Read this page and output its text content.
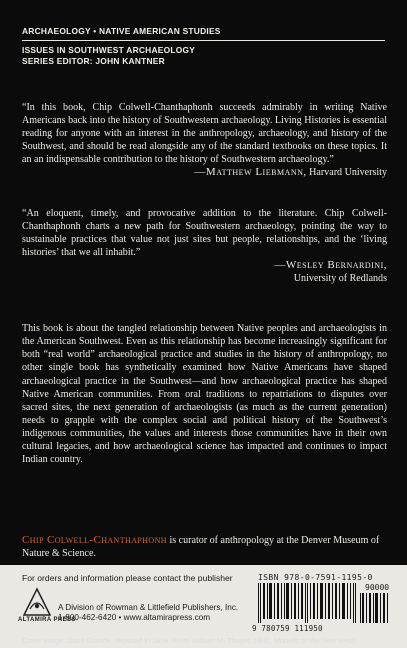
ARCHAEOLOGY • NATIVE AMERICAN STUDIES
ISSUES IN SOUTHWEST ARCHAEOLOGY
SERIES EDITOR: JOHN KANTNER

“In this book, Chip Colwell-Chanthaphonh succeeds admirably in writing Native Americans back into the history of Southwestern archaeology. Living Histories is essential reading for anyone with an interest in the anthropology, archaeology, and history of the Southwest, and should be read alongside any of the standard textbooks on these topics. It an an indispensable contribution to the history of Southwestern archaeology.”

—Matthew Liebmann, Harvard University

“An eloquent, timely, and provocative addition to the literature. Chip Colwell-Chanthaphonh charts a new path for Southwestern archaeology, pointing the way to sustainable practices that value not just sites but people, relationships, and the ‘living histories’ that we all inhabit.”

—Wesley Bernardini,
University of Redlands

This book is about the tangled relationship between Native peoples and archaeologists in the American Southwest. Even as this relationship has become increasingly significant for both “real world” archaeological practice and studies in the history of anthropology, no other single book has synthetically examined how Native Americans have shaped archaeological practice in the Southwest—and how archaeological practice has shaped Native American communities. From oral traditions to repatriations to disputes over sacred sites, the next generation of archaeologists (as much as the current generation) needs to grapple with the complex social and political history of the Southwest’s indigenous communities, the values and interests those communities have in their own cultural legacies, and how archaeological science has impacted and continues to impact Indian country.

Chip Colwell-Chanthaphonh is curator of anthropology at the Denver Museum of Nature & Science.
For orders and information please contact the publisher
ALTAMIRA PRESS
A Division of Rowman & Littlefield Publishers, Inc.
1-800-462-6420 • www.altamirapress.com
ISBN 978-0-7591-1195-0
90000
9 780759 111950
Cover image: Casa Grande, depicted in 1859. From William M. Thayer, 1892, Marvels of the New West.
